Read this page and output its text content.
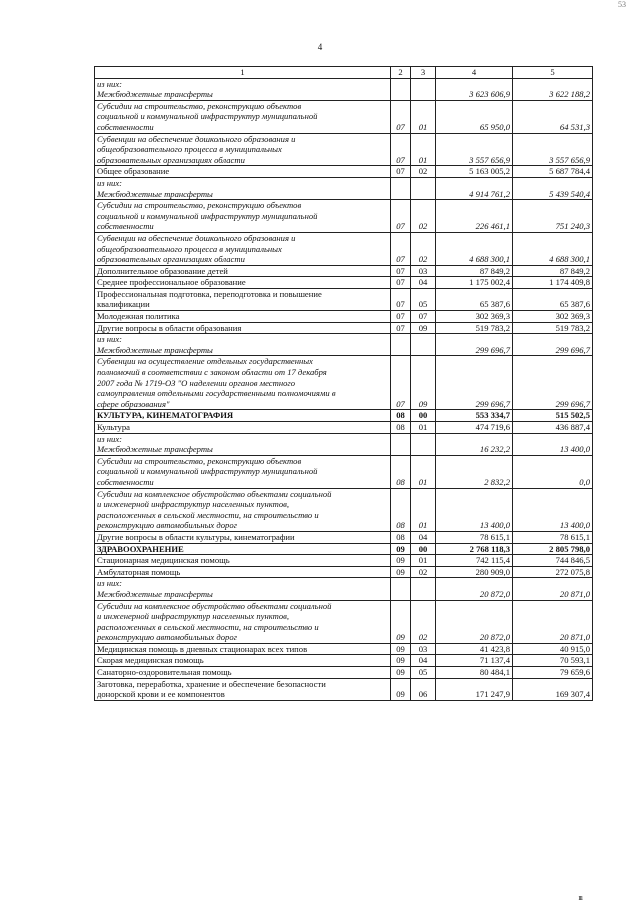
53
4
1	2	3	4	5

из них:
Межбюджетные трансферты			3 623 606,9	3 622 188,2

Субсидии на строительство, реконструкцию объектов
социальной и коммунальной инфраструктур муниципальной
собственности	07	01	65 950,0	64 531,3

Субвенции на обеспечение дошкольного образования и
общеобразовательного процесса в муниципальных
образовательных организациях области	07	01	3 557 656,9	3 557 656,9

Общее образование	07	02	5 163 005,2	5 687 784,4

из них:
Межбюджетные трансферты			4 914 761,2	5 439 540,4

Субсидии на строительство, реконструкцию объектов
социальной и коммунальной инфраструктур муниципальной
собственности	07	02	226 461,1	751 240,3

Субвенции на обеспечение дошкольного образования и
общеобразовательного процесса в муниципальных
образовательных организациях области	07	02	4 688 300,1	4 688 300,1

Дополнительное образование детей	07	03	87 849,2	87 849,2

Среднее профессиональное образование	07	04	1 175 002,4	1 174 409,8

Профессиональная подготовка, переподготовка и повышение
квалификации	07	05	65 387,6	65 387,6

Молодежная политика	07	07	302 369,3	302 369,3

Другие вопросы в области образования	07	09	519 783,2	519 783,2

из них:
Межбюджетные трансферты			299 696,7	299 696,7

Субвенции на осуществление отдельных государственных
полномочий в соответствии с законом области от 17 декабря
2007 года № 1719-ОЗ "О наделении органов местного
самоуправления отдельными государственными полномочиями в
сфере образования"	07	09	299 696,7	299 696,7

КУЛЬТУРА, КИНЕМАТОГРАФИЯ	08	00	553 334,7	515 502,5

Культура	08	01	474 719,6	436 887,4

из них:
Межбюджетные трансферты			16 232,2	13 400,0

Субсидии на строительство, реконструкцию объектов
социальной и коммунальной инфраструктур муниципальной
собственности	08	01	2 832,2	0,0

Субсидии на комплексное обустройство объектами социальной
и инженерной инфраструктур населенных пунктов,
расположенных в сельской местности, на строительство и
реконструкцию автомобильных дорог	08	01	13 400,0	13 400,0

Другие вопросы в области культуры, кинематографии	08	04	78 615,1	78 615,1

ЗДРАВООХРАНЕНИЕ	09	00	2 768 118,3	2 805 798,0

Стационарная медицинская помощь	09	01	742 115,4	744 846,5

Амбулаторная помощь	09	02	280 909,0	272 075,8

из них:
Межбюджетные трансферты			20 872,0	20 871,0

Субсидии на комплексное обустройство объектами социальной
и инженерной инфраструктур населенных пунктов,
расположенных в сельской местности, на строительство и
реконструкцию автомобильных дорог	09	02	20 872,0	20 871,0

Медицинская помощь в дневных стационарах всех типов	09	03	41 423,8	40 915,0

Скорая медицинская помощь	09	04	71 137,4	70 593,1

Санаторно-оздоровительная помощь	09	05	80 484,1	79 659,6

Заготовка, переработка, хранение и обеспечение безопасности
донорской крови и ее компонентов	09	06	171 247,9	169 307,4
ııı
